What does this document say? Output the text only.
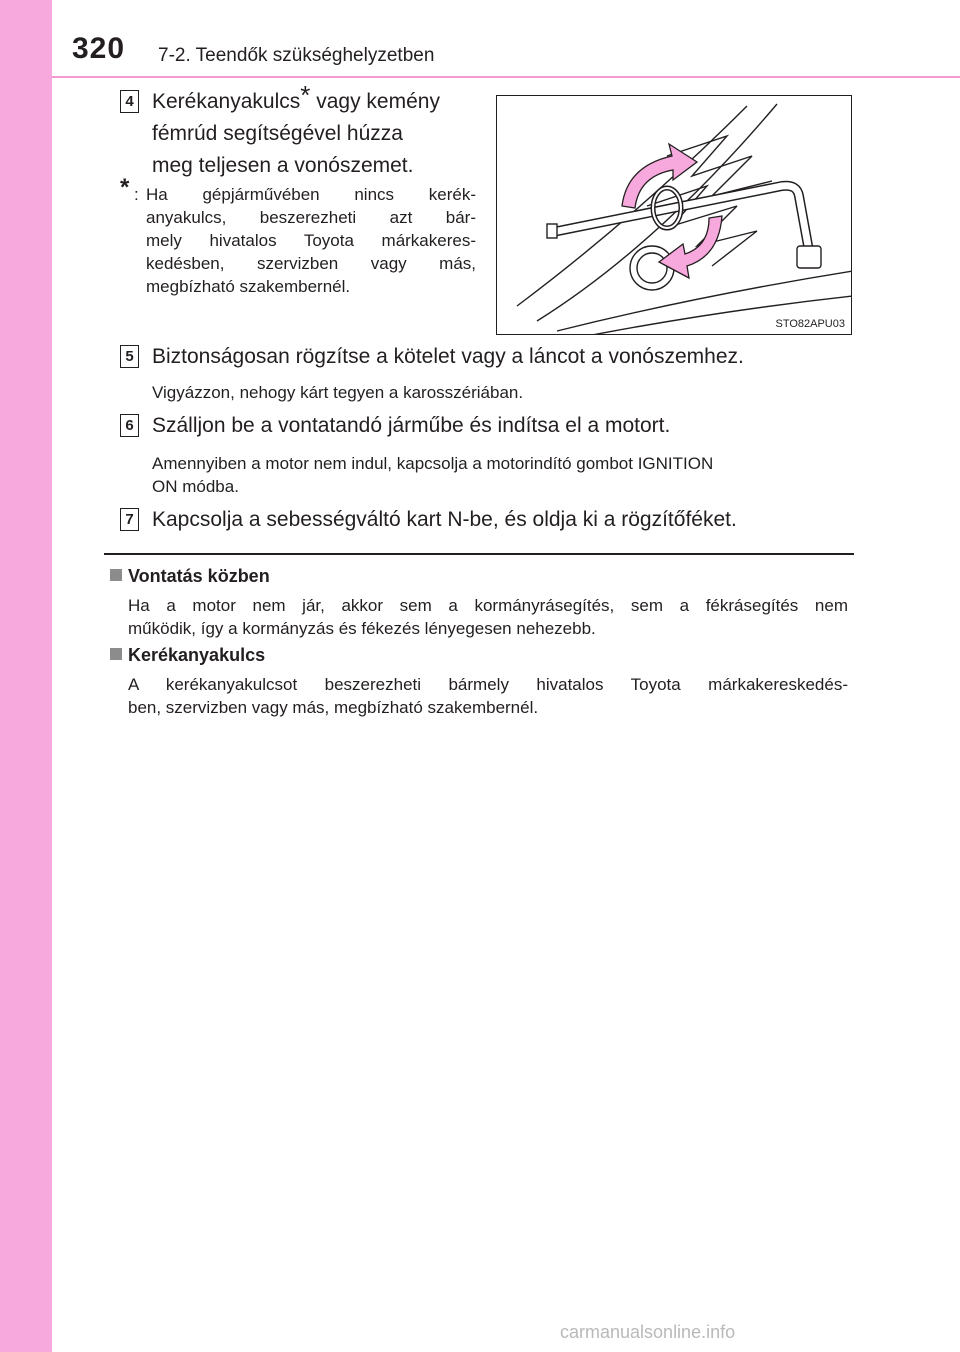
320 7-2. Teendők szükséghelyzetben
4 Kerékanyakulcs* vagy kemény
fémrúd segítségével húzza
meg teljesen a vonószemet.
* : Ha gépjárművében nincs kerék-
anyakulcs, beszerezheti azt bár-
mely hivatalos Toyota márkakeres-
kedésben, szervizben vagy más,
megbízható szakembernél.
STO82APU03
5 Biztonságosan rögzítse a kötelet vagy a láncot a vonószemhez.
Vigyázzon, nehogy kárt tegyen a karosszériában.
6 Szálljon be a vontatandó járműbe és indítsa el a motort.
Amennyiben a motor nem indul, kapcsolja a motorindító gombot IGNITION
ON módba.
7 Kapcsolja a sebességváltó kart N-be, és oldja ki a rögzítőféket.
Vontatás közben
Ha a motor nem jár, akkor sem a kormányrásegítés, sem a fékrásegítés nem
működik, így a kormányzás és fékezés lényegesen nehezebb.
Kerékanyakulcs
A kerékanyakulcsot beszerezheti bármely hivatalos Toyota márkakereskedés-
ben, szervizben vagy más, megbízható szakembernél.
carmanualsonline.info
